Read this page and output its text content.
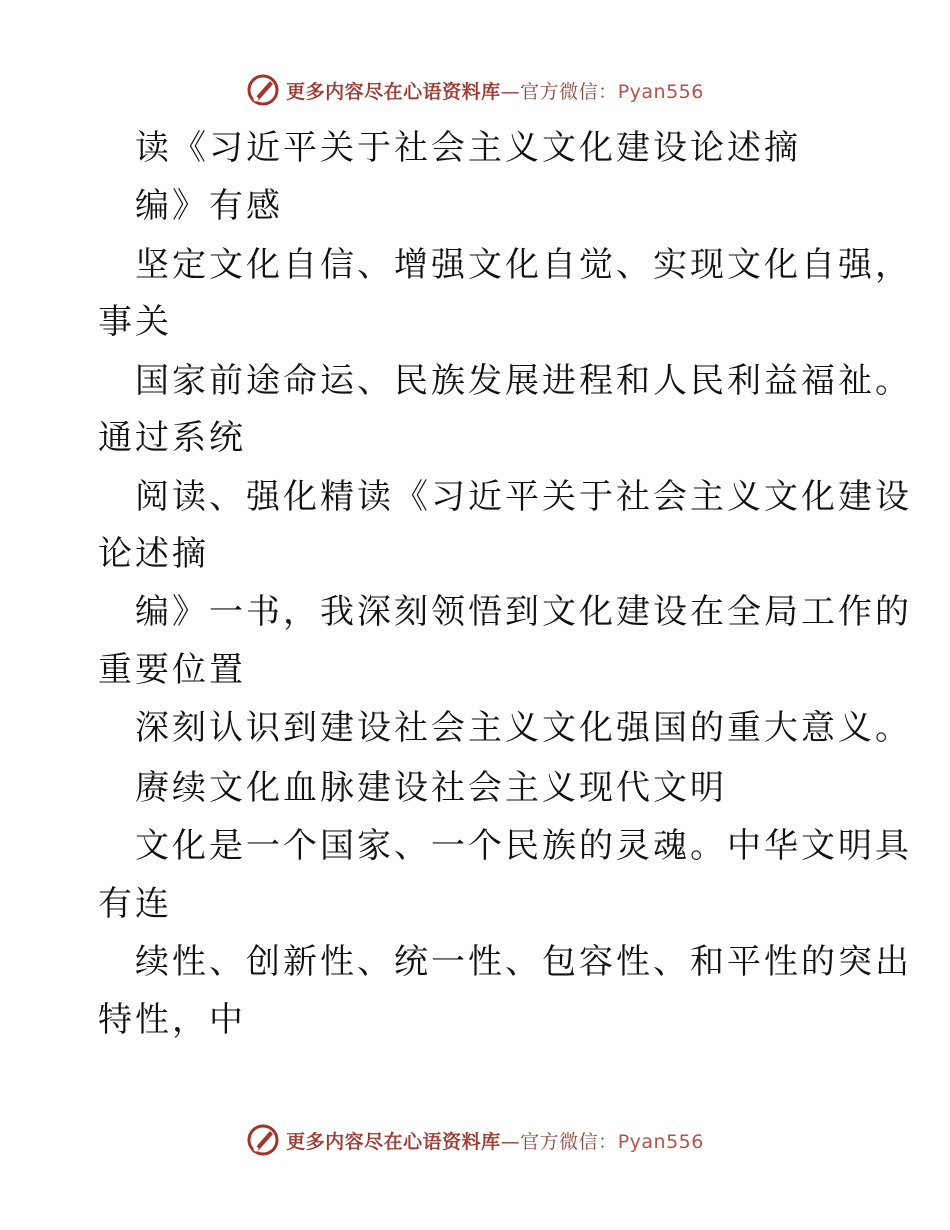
更多内容尽在心语资料库—官方微信：Pyan556
读《习近平关于社会主义文化建设论述摘
编》有感
坚定文化自信、增强文化自觉、实现文化自强，
事关
国家前途命运、民族发展进程和人民利益福祉。
通过系统
阅读、强化精读《习近平关于社会主义文化建设
论述摘
编》一书，我深刻领悟到文化建设在全局工作的
重要位置
深刻认识到建设社会主义文化强国的重大意义。
赓续文化血脉建设社会主义现代文明
文化是一个国家、一个民族的灵魂。中华文明具
有连
续性、创新性、统一性、包容性、和平性的突出
特性，中
更多内容尽在心语资料库—官方微信：Pyan556
